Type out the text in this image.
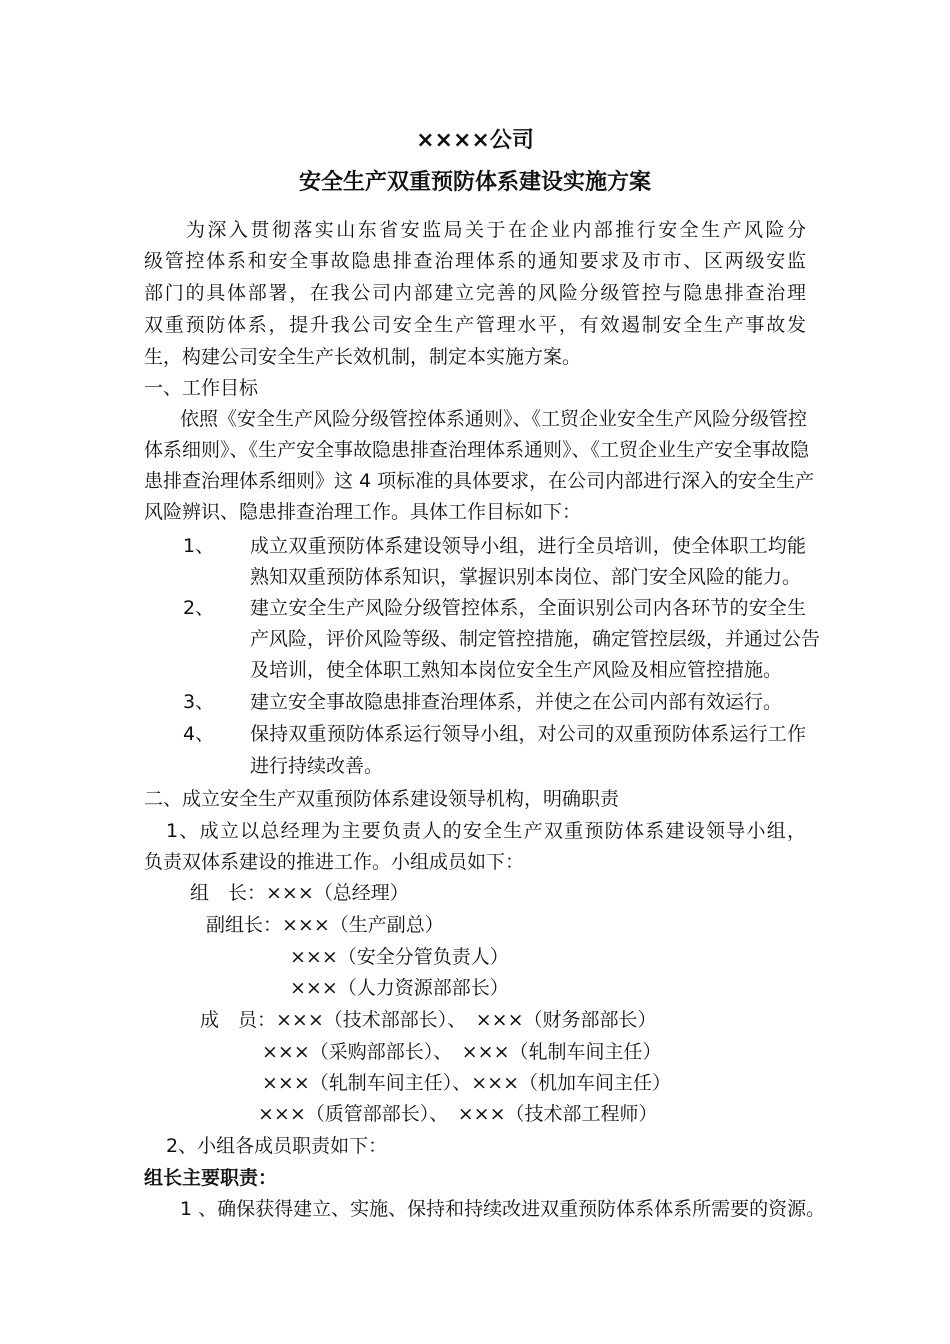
××××公司
安全生产双重预防体系建设实施方案
为深入贯彻落实山东省安监局关于在企业内部推行安全生产风险分
级管控体系和安全事故隐患排查治理体系的通知要求及市市、区两级安监
部门的具体部署，在我公司内部建立完善的风险分级管控与隐患排查治理
双重预防体系，提升我公司安全生产管理水平，有效遏制安全生产事故发
生，构建公司安全生产长效机制，制定本实施方案。
一、工作目标
依照《安全生产风险分级管控体系通则》、《工贸企业安全生产风险分级管控
体系细则》、《生产安全事故隐患排查治理体系通则》、《工贸企业生产安全事故隐
患排查治理体系细则》这 4 项标准的具体要求，在公司内部进行深入的安全生产
风险辨识、隐患排查治理工作。具体工作目标如下：
1、 成立双重预防体系建设领导小组，进行全员培训，使全体职工均能
熟知双重预防体系知识，掌握识别本岗位、部门安全风险的能力。
2、 建立安全生产风险分级管控体系，全面识别公司内各环节的安全生
产风险，评价风险等级、制定管控措施，确定管控层级，并通过公告
及培训，使全体职工熟知本岗位安全生产风险及相应管控措施。
3、 建立安全事故隐患排查治理体系，并使之在公司内部有效运行。
4、 保持双重预防体系运行领导小组，对公司的双重预防体系运行工作
进行持续改善。
二、成立安全生产双重预防体系建设领导机构，明确职责
1、成立以总经理为主要负责人的安全生产双重预防体系建设领导小组，
负责双体系建设的推进工作。小组成员如下：
组　长：×××（总经理）
副组长：×××（生产副总）
×××（安全分管负责人）
×××（人力资源部部长）
成　员：×××（技术部部长）、　×××（财务部部长）
×××（采购部部长）、　×××（轧制车间主任）
×××（轧制车间主任）、×××（机加车间主任）
×××（质管部部长）、　×××（技术部工程师）
2、小组各成员职责如下：
组长主要职责：
1 、确保获得建立、实施、保持和持续改进双重预防体系体系所需要的资源。
